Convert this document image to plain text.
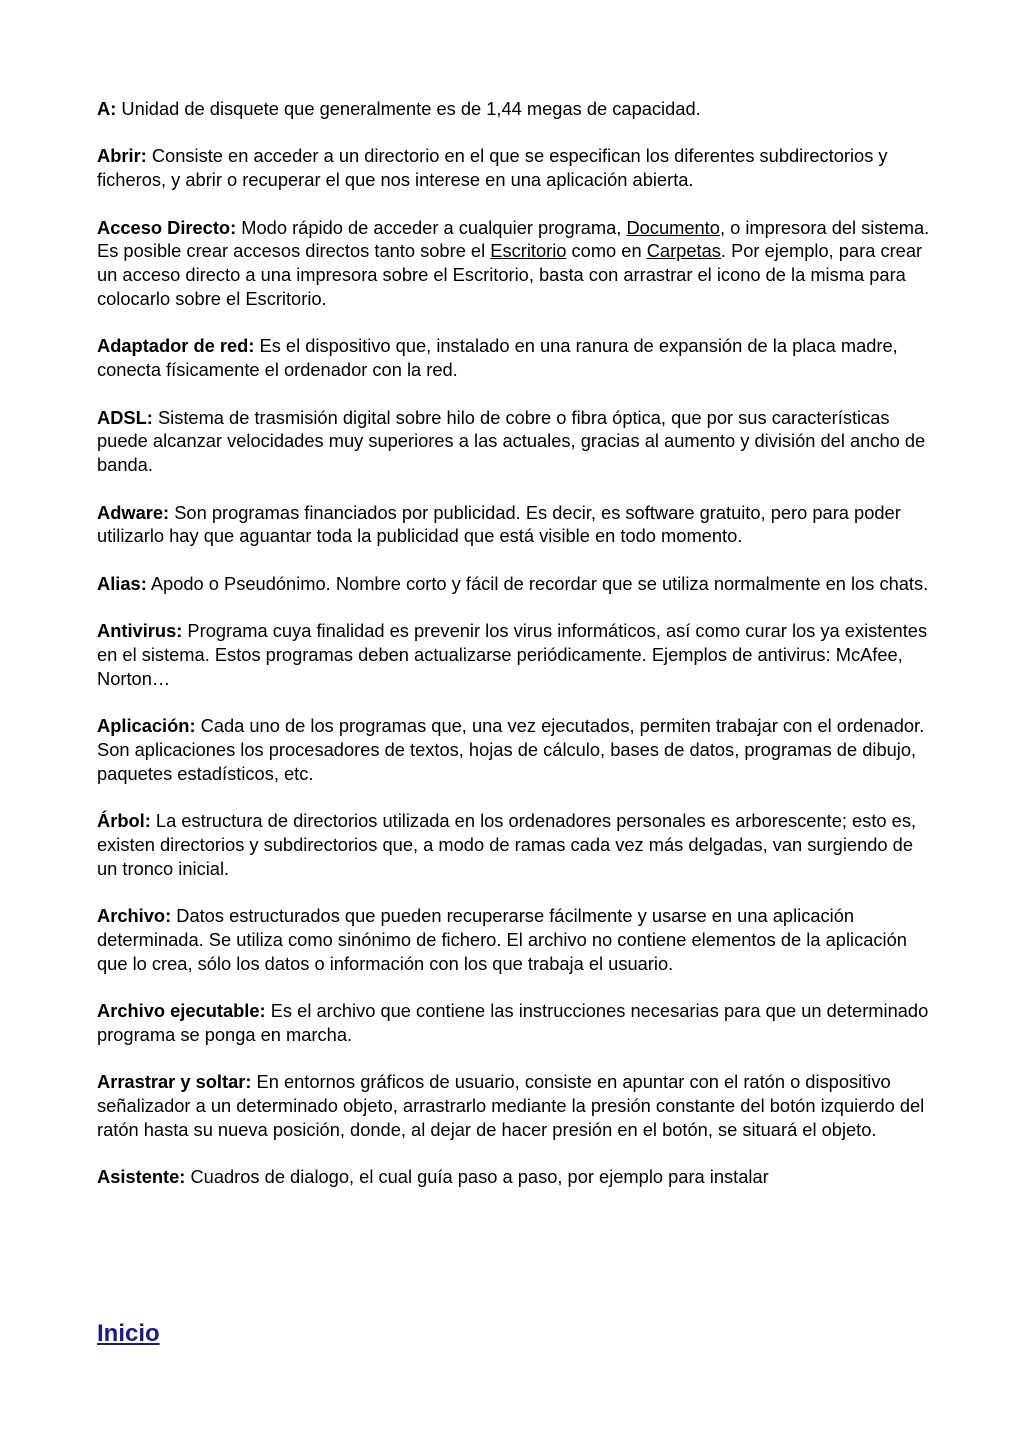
A: Unidad de disquete que generalmente es de 1,44 megas de capacidad.

Abrir: Consiste en acceder a un directorio en el que se especifican los diferentes subdirectorios y ficheros, y abrir o recuperar el que nos interese en una aplicación abierta.

Acceso Directo: Modo rápido de acceder a cualquier programa, Documento, o impresora del sistema. Es posible crear accesos directos tanto sobre el Escritorio como en Carpetas. Por ejemplo, para crear un acceso directo a una impresora sobre el Escritorio, basta con arrastrar el icono de la misma para colocarlo sobre el Escritorio.

Adaptador de red: Es el dispositivo que, instalado en una ranura de expansión de la placa madre, conecta físicamente el ordenador con la red.

ADSL: Sistema de trasmisión digital sobre hilo de cobre o fibra óptica, que por sus características puede alcanzar velocidades muy superiores a las actuales, gracias al aumento y división del ancho de banda.

Adware: Son programas financiados por publicidad. Es decir, es software gratuito, pero para poder utilizarlo hay que aguantar toda la publicidad que está visible en todo momento.

Alias: Apodo o Pseudónimo. Nombre corto y fácil de recordar que se utiliza normalmente en los chats.

Antivirus: Programa cuya finalidad es prevenir los virus informáticos, así como curar los ya existentes en el sistema. Estos programas deben actualizarse periódicamente. Ejemplos de antivirus: McAfee, Norton…

Aplicación: Cada uno de los programas que, una vez ejecutados, permiten trabajar con el ordenador. Son aplicaciones los procesadores de textos, hojas de cálculo, bases de datos, programas de dibujo, paquetes estadísticos, etc.

Árbol: La estructura de directorios utilizada en los ordenadores personales es arborescente; esto es, existen directorios y subdirectorios que, a modo de ramas cada vez más delgadas, van surgiendo de un tronco inicial.

Archivo: Datos estructurados que pueden recuperarse fácilmente y usarse en una aplicación determinada. Se utiliza como sinónimo de fichero. El archivo no contiene elementos de la aplicación que lo crea, sólo los datos o información con los que trabaja el usuario.

Archivo ejecutable: Es el archivo que contiene las instrucciones necesarias para que un determinado programa se ponga en marcha.

Arrastrar y soltar: En entornos gráficos de usuario, consiste en apuntar con el ratón o dispositivo señalizador a un determinado objeto, arrastrarlo mediante la presión constante del botón izquierdo del ratón hasta su nueva posición, donde, al dejar de hacer presión en el botón, se situará el objeto.

Asistente: Cuadros de dialogo, el cual guía paso a paso, por ejemplo para instalar

Inicio
